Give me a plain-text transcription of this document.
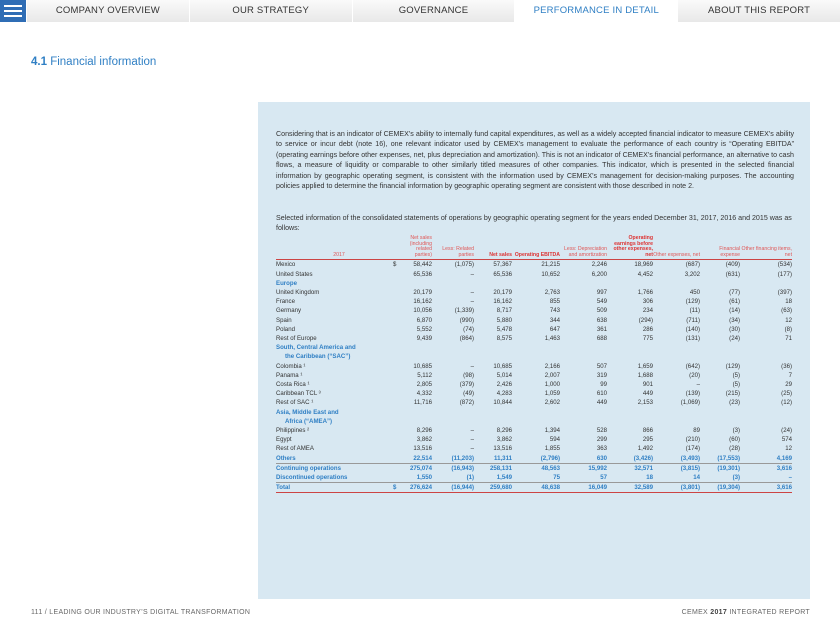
COMPANY OVERVIEW	OUR STRATEGY	GOVERNANCE	PERFORMANCE IN DETAIL	ABOUT THIS REPORT
4.1 Financial information

Considering that is an indicator of CEMEX’s ability to internally fund capital expenditures, as well as a widely accepted financial indicator to measure CEMEX’s ability to service or incur debt (note 16), one relevant indicator used by CEMEX’s management to evaluate the performance of each country is “Operating EBITDA” (operating earnings before other expenses, net, plus depreciation and amortization). This is not an indicator of CEMEX’s financial performance, an alternative to cash flows, a measure of liquidity or comparable to other similarly titled measures of other companies. This indicator, which is presented in the selected financial information by geographic operating segment, is consistent with the information used by CEMEX’s management for decision-making purposes. The accounting policies applied to determine the financial information by geographic operating segment are consistent with those described in note 2.

Selected information of the consolidated statements of operations by geographic operating segment for the years ended December 31, 2017, 2016 and 2015 was as follows:

2017		Net sales (including related parties)	Less: Related parties	Net sales	Operating EBITDA	Less: Depreciation and amortization	Operating earnings before other expenses, net	Other expenses, net	Financial expense	Other financing items, net
Mexico	$	58,442	(1,075)	57,367	21,215	2,246	18,969	(687)	(409)	(534)
United States		65,536	–	65,536	10,652	6,200	4,452	3,202	(631)	(177)
Europe										
United Kingdom		20,179	–	20,179	2,763	997	1,766	450	(77)	(397)
France		16,162	–	16,162	855	549	306	(129)	(61)	18
Germany		10,056	(1,339)	8,717	743	509	234	(11)	(14)	(63)
Spain		6,870	(990)	5,880	344	638	(294)	(711)	(34)	12
Poland		5,552	(74)	5,478	647	361	286	(140)	(30)	(8)
Rest of Europe		9,439	(864)	8,575	1,463	688	775	(131)	(24)	71
South, Central America and										
the Caribbean (“SAC”)										
Colombia ¹		10,685	–	10,685	2,166	507	1,659	(642)	(129)	(36)
Panama ¹		5,112	(98)	5,014	2,007	319	1,688	(20)	(5)	7
Costa Rica ¹		2,805	(379)	2,426	1,000	99	901	–	(5)	29
Caribbean TCL ³		4,332	(49)	4,283	1,059	610	449	(139)	(215)	(25)
Rest of SAC ¹		11,716	(872)	10,844	2,602	449	2,153	(1,069)	(23)	(12)
Asia, Middle East and										
Africa (“AMEA”)										
Philippines ²		8,296	–	8,296	1,394	528	866	89	(3)	(24)
Egypt		3,862	–	3,862	594	299	295	(210)	(60)	574
Rest of AMEA		13,516	–	13,516	1,855	363	1,492	(174)	(28)	12
Others		22,514	(11,203)	11,311	(2,796)	630	(3,426)	(3,493)	(17,553)	4,169
Continuing operations		275,074	(16,943)	258,131	48,563	15,992	32,571	(3,815)	(19,301)	3,616
Discontinued operations		1,550	(1)	1,549	75	57	18	14	(3)	–
Total	$	276,624	(16,944)	259,680	48,638	16,049	32,589	(3,801)	(19,304)	3,616
111 / LEADING OUR INDUSTRY’S DIGITAL TRANSFORMATION	CEMEX 2017 INTEGRATED REPORT
